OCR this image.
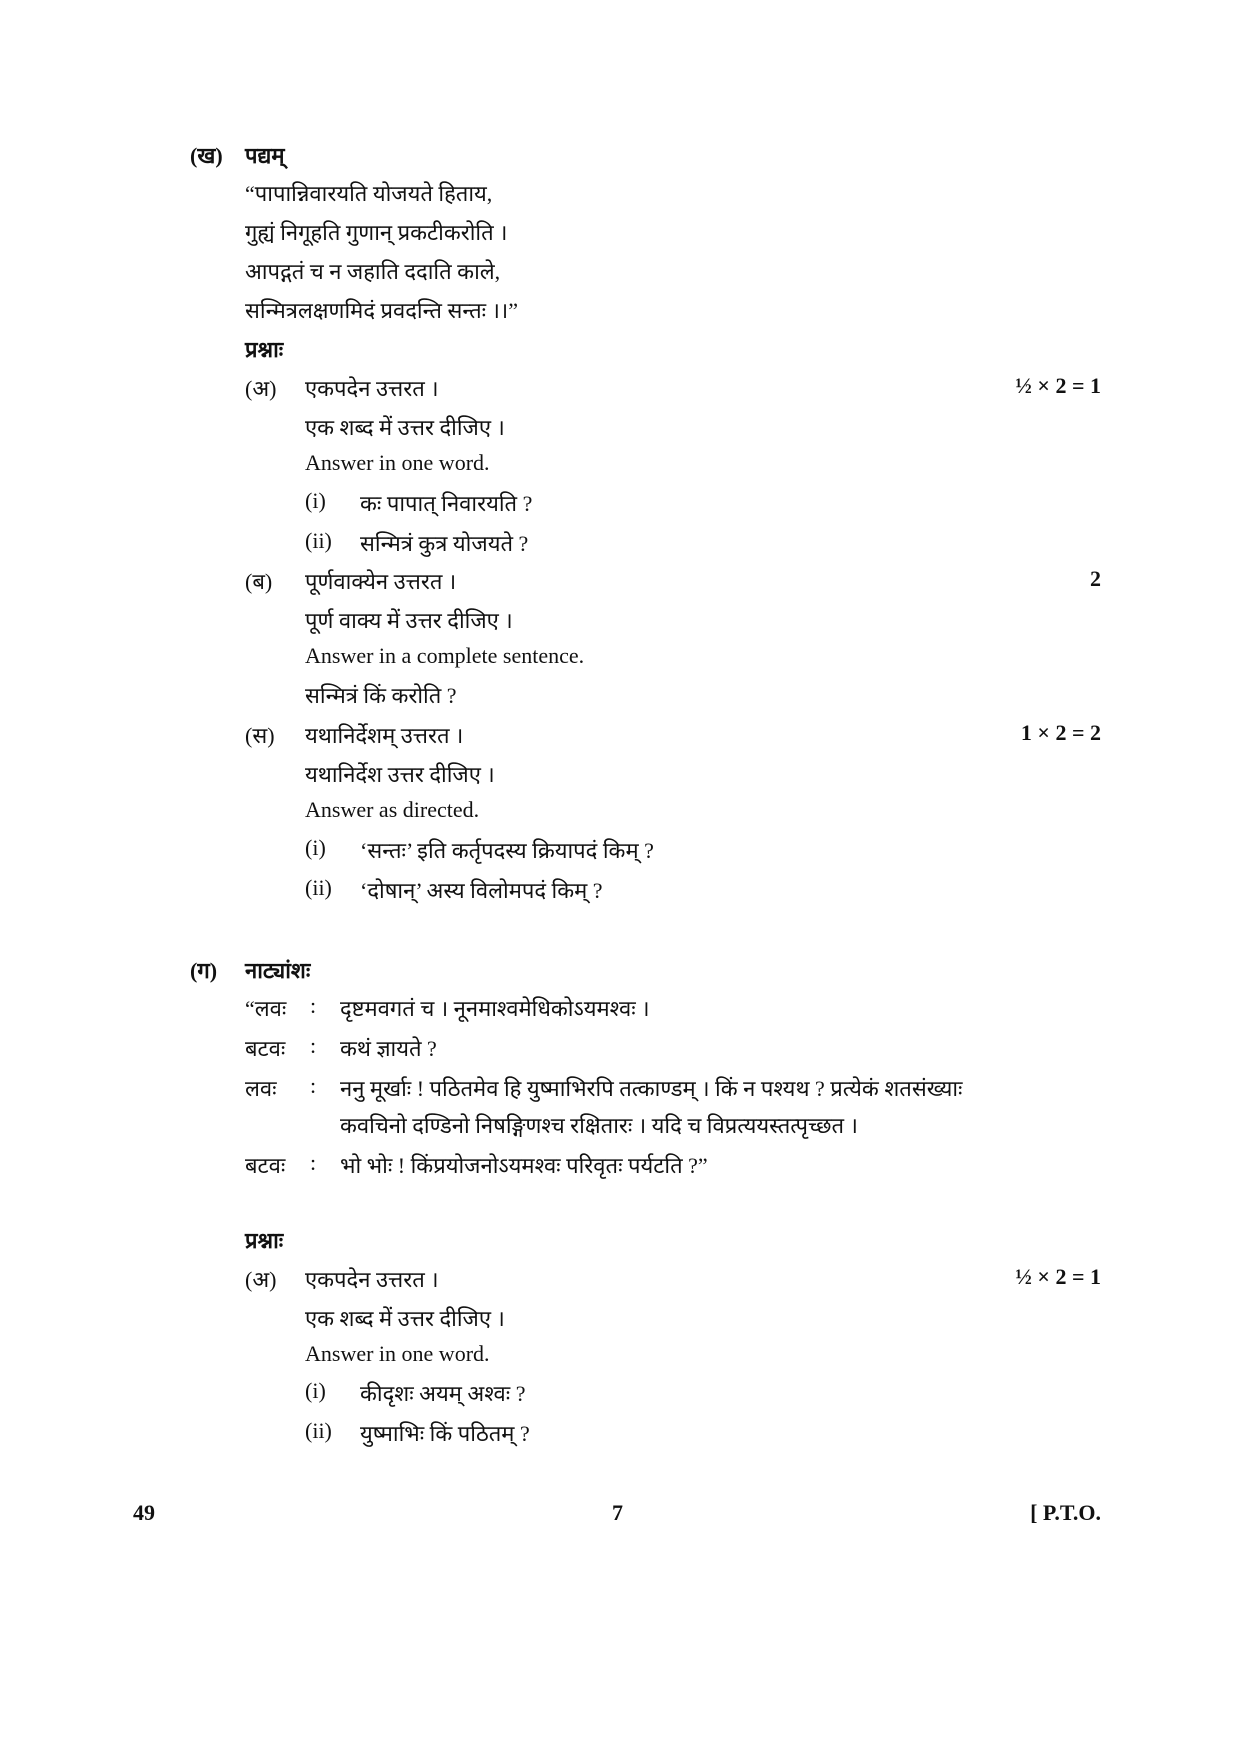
(ख) पद्यम्
“पापान्निवारयति योजयते हिताय,
गुह्यं निगूहति गुणान् प्रकटीकरोति ।
आपद्गतं च न जहाति ददाति काले,
सन्मित्रलक्षणमिदं प्रवदन्ति सन्तः ।।”
प्रश्नाः
(अ) एकपदेन उत्तरत ।	½ × 2 = 1
एक शब्द में उत्तर दीजिए ।
Answer in one word.
(i) कः पापात् निवारयति ?
(ii) सन्मित्रं कुत्र योजयते ?
(ब) पूर्णवाक्येन उत्तरत ।	2
पूर्ण वाक्य में उत्तर दीजिए ।
Answer in a complete sentence.
सन्मित्रं किं करोति ?
(स) यथानिर्देशम् उत्तरत ।	1 × 2 = 2
यथानिर्देश उत्तर दीजिए ।
Answer as directed.
(i) ‘सन्तः’ इति कर्तृपदस्य क्रियापदं किम् ?
(ii) ‘दोषान्’ अस्य विलोमपदं किम् ?
(ग) नाट्यांशः
“लवः : दृष्टमवगतं च । नूनमाश्वमेधिकोऽयमश्वः ।
बटवः : कथं ज्ञायते ?
लवः : ननु मूर्खाः ! पठितमेव हि युष्माभिरपि तत्काण्डम् । किं न पश्यथ ? प्रत्येकं शतसंख्याः
कवचिनो दण्डिनो निषङ्गिणश्च रक्षितारः । यदि च विप्रत्ययस्तत्पृच्छत ।
बटवः : भो भोः ! किंप्रयोजनोऽयमश्वः परिवृतः पर्यटति ?”
प्रश्नाः
(अ) एकपदेन उत्तरत ।	½ × 2 = 1
एक शब्द में उत्तर दीजिए ।
Answer in one word.
(i) कीदृशः अयम् अश्वः ?
(ii) युष्माभिः किं पठितम् ?
49	7	[ P.T.O.
